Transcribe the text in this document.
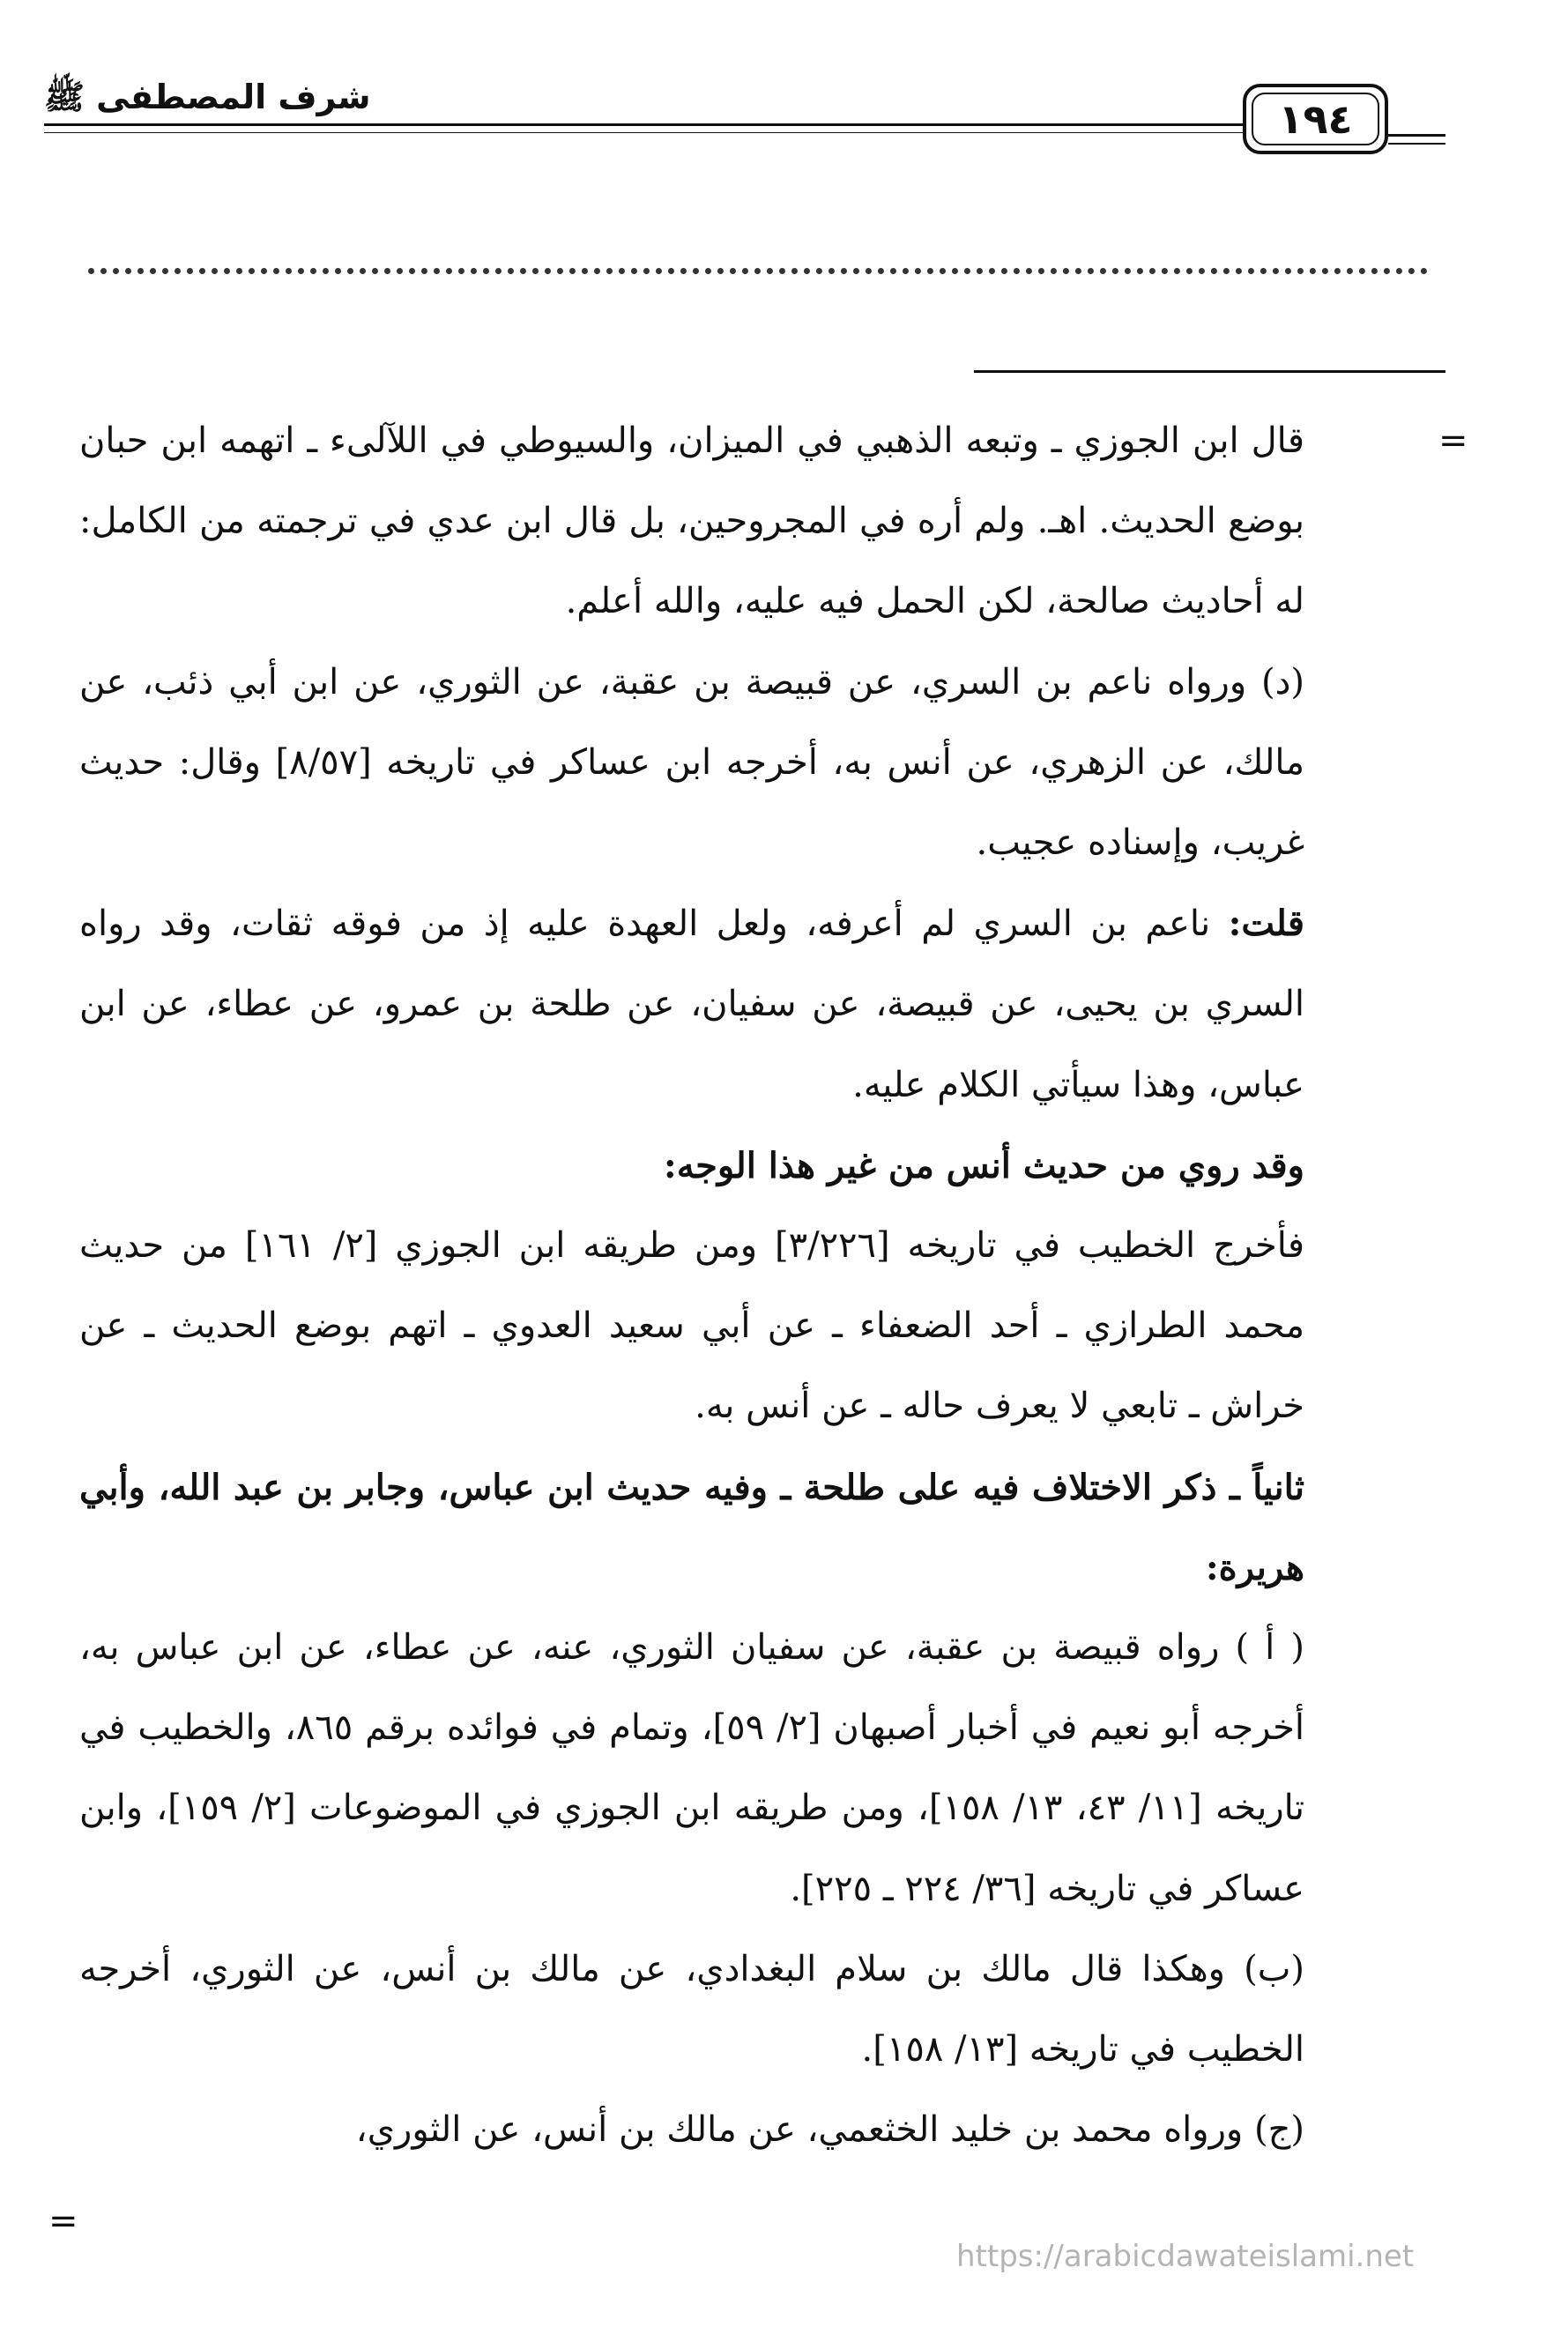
شرف المصطفى ﷺ	١٩٤
=
=

قال ابن الجوزي ـ وتبعه الذهبي في الميزان، والسيوطي في اللآلىء ـ اتهمه ابن حبان بوضع الحديث. اهـ. ولم أره في المجروحين، بل قال ابن عدي في ترجمته من الكامل: له أحاديث صالحة، لكن الحمل فيه عليه، والله أعلم.

(د) ورواه ناعم بن السري، عن قبيصة بن عقبة، عن الثوري، عن ابن أبي ذئب، عن مالك، عن الزهري، عن أنس به، أخرجه ابن عساكر في تاريخه [٨/٥٧] وقال: حديث غريب، وإسناده عجيب.

قلت: ناعم بن السري لم أعرفه، ولعل العهدة عليه إذ من فوقه ثقات، وقد رواه السري بن يحيى، عن قبيصة، عن سفيان، عن طلحة بن عمرو، عن عطاء، عن ابن عباس، وهذا سيأتي الكلام عليه.

وقد روي من حديث أنس من غير هذا الوجه:

فأخرج الخطيب في تاريخه [٣/٢٢٦] ومن طريقه ابن الجوزي [٢/ ١٦١] من حديث محمد الطرازي ـ أحد الضعفاء ـ عن أبي سعيد العدوي ـ اتهم بوضع الحديث ـ عن خراش ـ تابعي لا يعرف حاله ـ عن أنس به.

ثانياً ـ ذكر الاختلاف فيه على طلحة ـ وفيه حديث ابن عباس، وجابر بن عبد الله، وأبي هريرة:

( أ ) رواه قبيصة بن عقبة، عن سفيان الثوري، عنه، عن عطاء، عن ابن عباس به، أخرجه أبو نعيم في أخبار أصبهان [٢/ ٥٩]، وتمام في فوائده برقم ٨٦٥، والخطيب في تاريخه [١١/ ٤٣، ١٣/ ١٥٨]، ومن طريقه ابن الجوزي في الموضوعات [٢/ ١٥٩]، وابن عساكر في تاريخه [٣٦/ ٢٢٤ ـ ٢٢٥].

(ب) وهكذا قال مالك بن سلام البغدادي، عن مالك بن أنس، عن الثوري، أخرجه الخطيب في تاريخه [١٣/ ١٥٨].

(ج) ورواه محمد بن خليد الخثعمي، عن مالك بن أنس، عن الثوري،

https://arabicdawateislami.net
